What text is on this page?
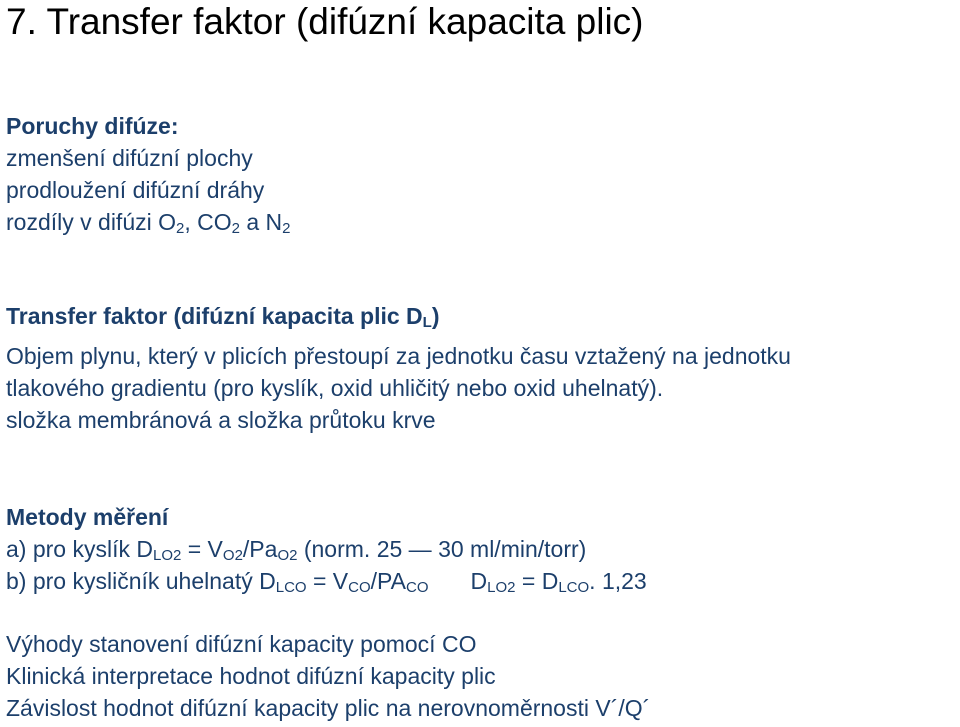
7. Transfer faktor (difúzní kapacita plic)
Poruchy difúze:
zmenšení difúzní plochy
prodloužení difúzní dráhy
rozdíly v difúzi $O_2$, $CO_2$ a $N_2$
Transfer faktor (difúzní kapacita plic $D_L$)
Objem plynu, který v plicích přestoupí za jednotku času vztažený na jednotku
tlakového gradientu (pro kyslík, oxid uhličitý nebo oxid uhelnatý).
složka membránová a složka průtoku krve
Metody měření
a) pro kyslík $D_{LO2} = V_{O2}/Pa_{O2}$ (norm. 25 — 30 ml/min/torr)
b) pro kysličník uhelnatý $D_{LCO} = V_{CO}/PA_{CO}$ $D_{LO2} = D_{LCO}$. 1,23
Výhody stanovení difúzní kapacity pomocí CO
Klinická interpretace hodnot difúzní kapacity plic
Závislost hodnot difúzní kapacity plic na nerovnoměrnosti V´/Q´
